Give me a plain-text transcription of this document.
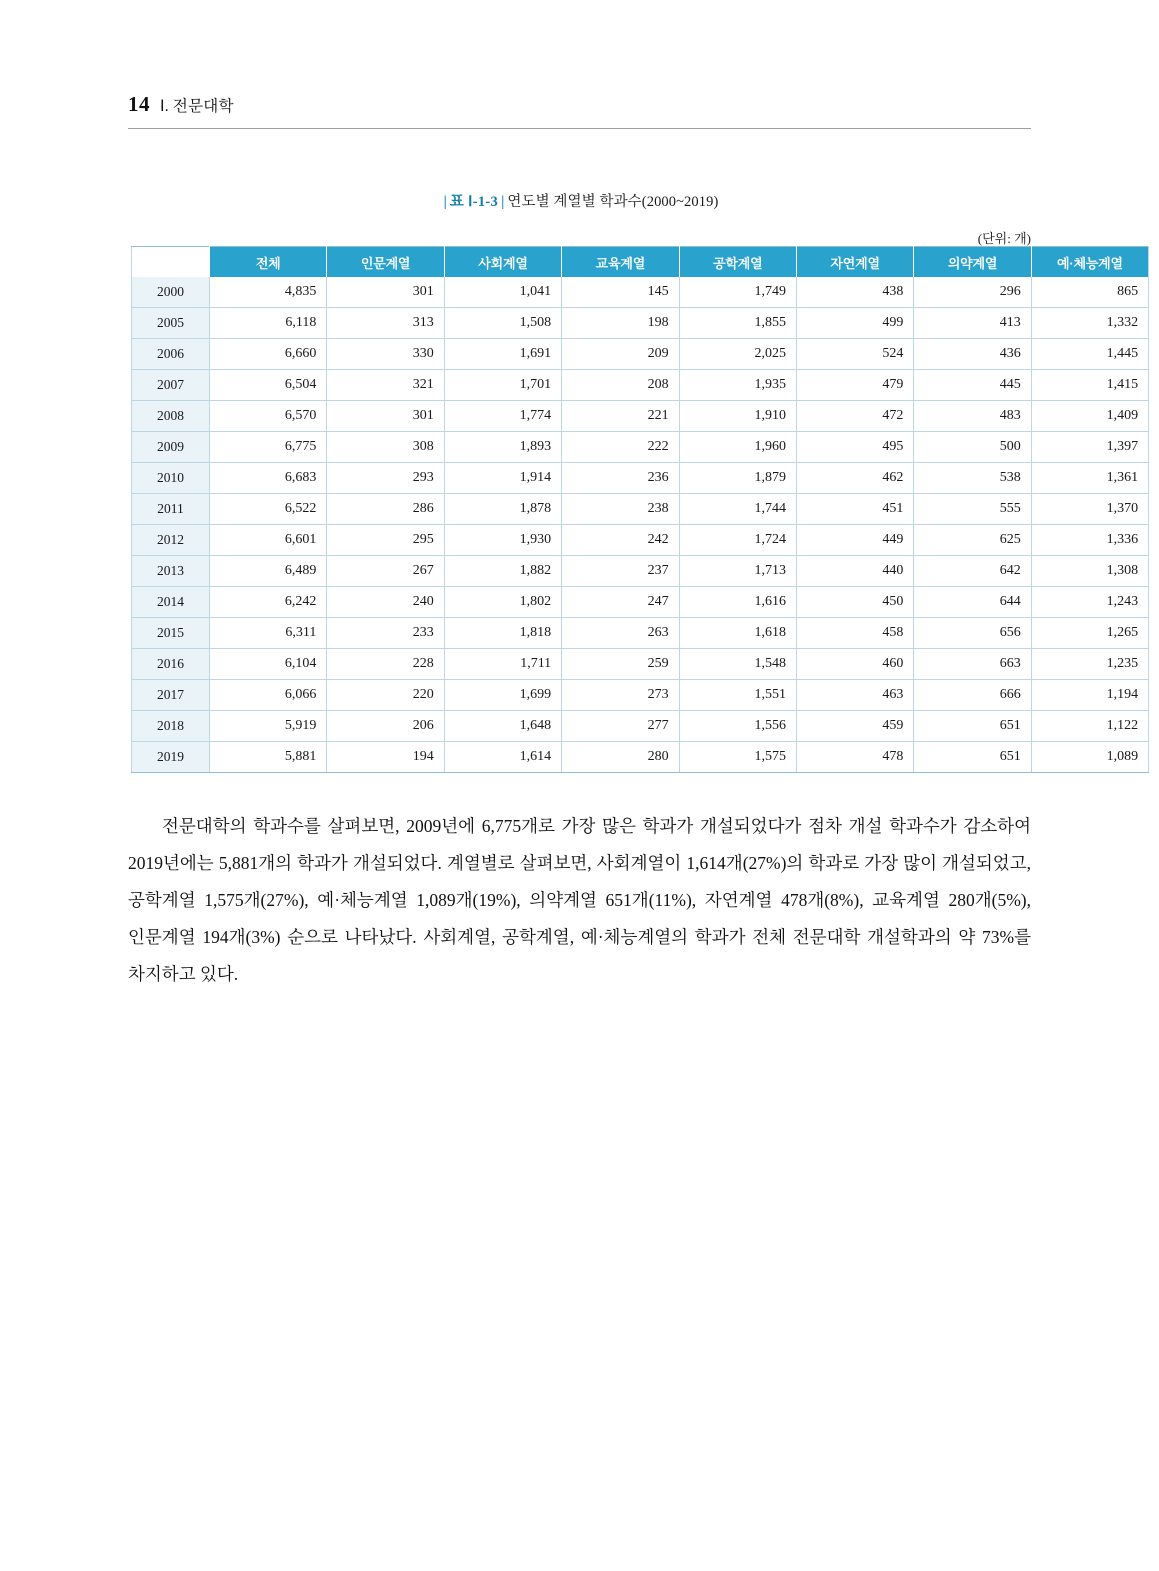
14 Ⅰ. 전문대학
| 표 Ⅰ-1-3 | 연도별 계열별 학과수(2000~2019)
(단위: 개)
	전체	인문계열	사회계열	교육계열	공학계열	자연계열	의약계열	예·체능계열
2000	4,835	301	1,041	145	1,749	438	296	865
2005	6,118	313	1,508	198	1,855	499	413	1,332
2006	6,660	330	1,691	209	2,025	524	436	1,445
2007	6,504	321	1,701	208	1,935	479	445	1,415
2008	6,570	301	1,774	221	1,910	472	483	1,409
2009	6,775	308	1,893	222	1,960	495	500	1,397
2010	6,683	293	1,914	236	1,879	462	538	1,361
2011	6,522	286	1,878	238	1,744	451	555	1,370
2012	6,601	295	1,930	242	1,724	449	625	1,336
2013	6,489	267	1,882	237	1,713	440	642	1,308
2014	6,242	240	1,802	247	1,616	450	644	1,243
2015	6,311	233	1,818	263	1,618	458	656	1,265
2016	6,104	228	1,711	259	1,548	460	663	1,235
2017	6,066	220	1,699	273	1,551	463	666	1,194
2018	5,919	206	1,648	277	1,556	459	651	1,122
2019	5,881	194	1,614	280	1,575	478	651	1,089

전문대학의 학과수를 살펴보면, 2009년에 6,775개로 가장 많은 학과가 개설되었다가 점차 개설 학과수가 감소하여 2019년에는 5,881개의 학과가 개설되었다. 계열별로 살펴보면, 사회계열이 1,614개(27%)의 학과로 가장 많이 개설되었고, 공학계열 1,575개(27%), 예·체능계열 1,089개(19%), 의약계열 651개(11%), 자연계열 478개(8%), 교육계열 280개(5%), 인문계열 194개(3%) 순으로 나타났다. 사회계열, 공학계열, 예·체능계열의 학과가 전체 전문대학 개설학과의 약 73%를 차지하고 있다.
